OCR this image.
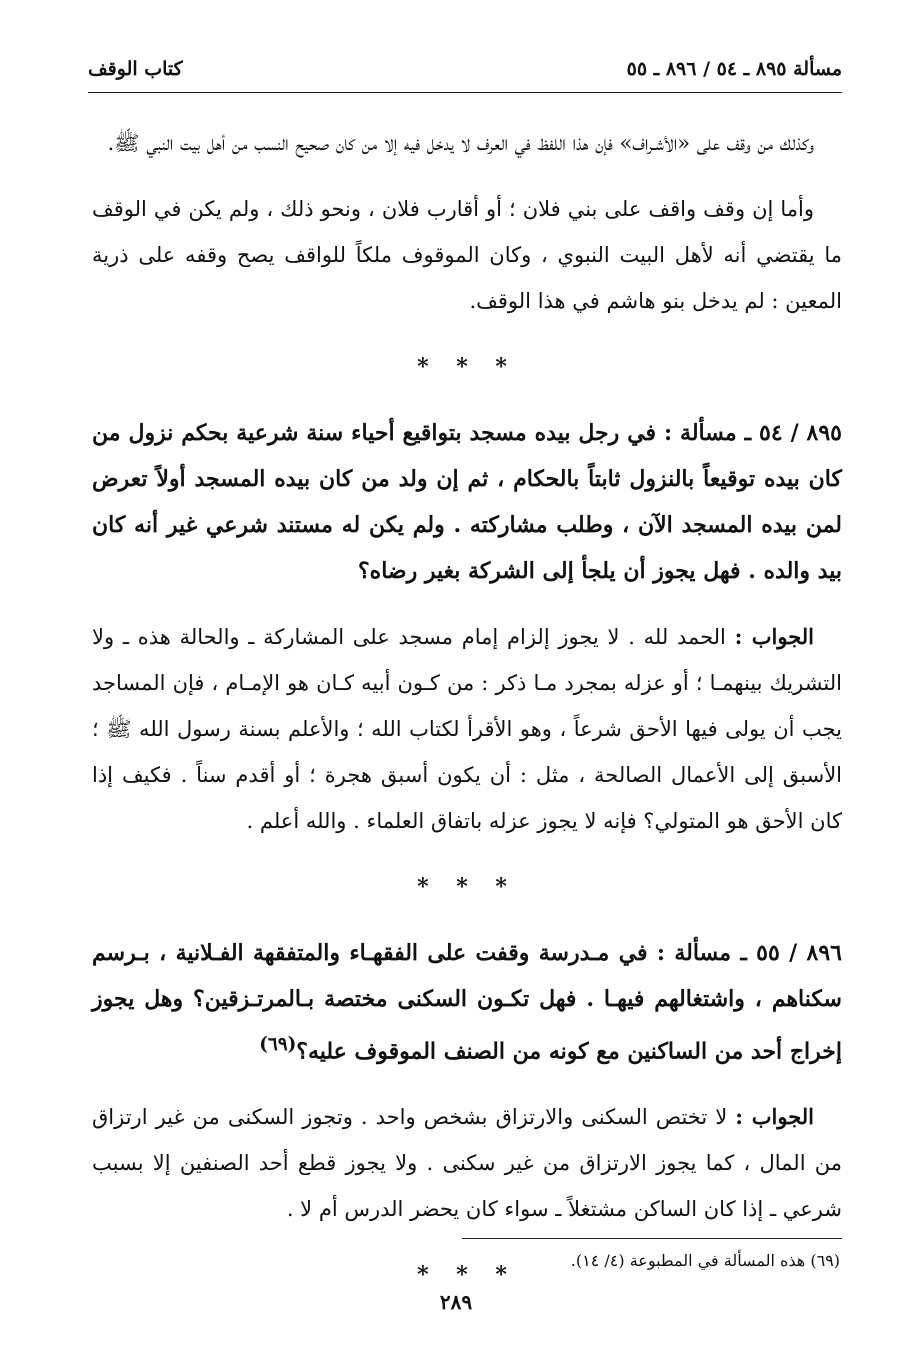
مسألة ٨٩٥ ـ ٥٤ / ٨٩٦ ـ ٥٥
كتاب الوقف

وكذلك من وقف على «الأشـراف» فإن هذا اللفظ في العرف لا يدخل فيه إلا من كان صحيح النسب من أهل بيت النبي ﷺ.

وأما إن وقف واقف على بني فلان ؛ أو أقارب فلان ، ونحو ذلك ، ولم يكن في الوقف ما يقتضي أنه لأهل البيت النبوي ، وكان الموقوف ملكاً للواقف يصح وقفه على ذرية المعين : لم يدخل بنو هاشم في هذا الوقف.

* * *

٨٩٥ / ٥٤ ـ مسألة : في رجل بيده مسجد بتواقيع أحياء سنة شرعية بحكم نزول من كان بيده توقيعاً بالنزول ثابتاً بالحكام ، ثم إن ولد من كان بيده المسجد أولاً تعرض لمن بيده المسجد الآن ، وطلب مشاركته . ولم يكن له مستند شرعي غير أنه كان بيد والده . فهل يجوز أن يلجأ إلى الشركة بغير رضاه؟

الجواب : الحمد لله . لا يجوز إلزام إمام مسجد على المشاركة ـ والحالة هذه ـ ولا التشريك بينهمـا ؛ أو عزله بمجرد مـا ذكر : من كـون أبيه كـان هو الإمـام ، فإن المساجد يجب أن يولى فيها الأحق شرعاً ، وهو الأقرأ لكتاب الله ؛ والأعلم بسنة رسول الله ﷺ ؛ الأسبق إلى الأعمال الصالحة ، مثل : أن يكون أسبق هجرة ؛ أو أقدم سناً . فكيف إذا كان الأحق هو المتولي؟ فإنه لا يجوز عزله باتفاق العلماء . والله أعلم .

* * *

٨٩٦ / ٥٥ ـ مسألة : في مـدرسة وقفت على الفقهـاء والمتفقهة الفـلانية ، بـرسم سكناهم ، واشتغالهم فيهـا . فهل تكـون السكنى مختصة بـالمرتـزقين؟ وهل يجوز إخراج أحد من الساكنين مع كونه من الصنف الموقوف عليه؟$^{(٦٩)}$

الجواب : لا تختص السكنى والارتزاق بشخص واحد . وتجوز السكنى من غير ارتزاق من المال ، كما يجوز الارتزاق من غير سكنى . ولا يجوز قطع أحد الصنفين إلا بسبب شرعي ـ إذا كان الساكن مشتغلاً ـ سواء كان يحضر الدرس أم لا .

* * *
(٦٩) هذه المسألة في المطبوعة (٤/ ١٤).
٢٨٩
